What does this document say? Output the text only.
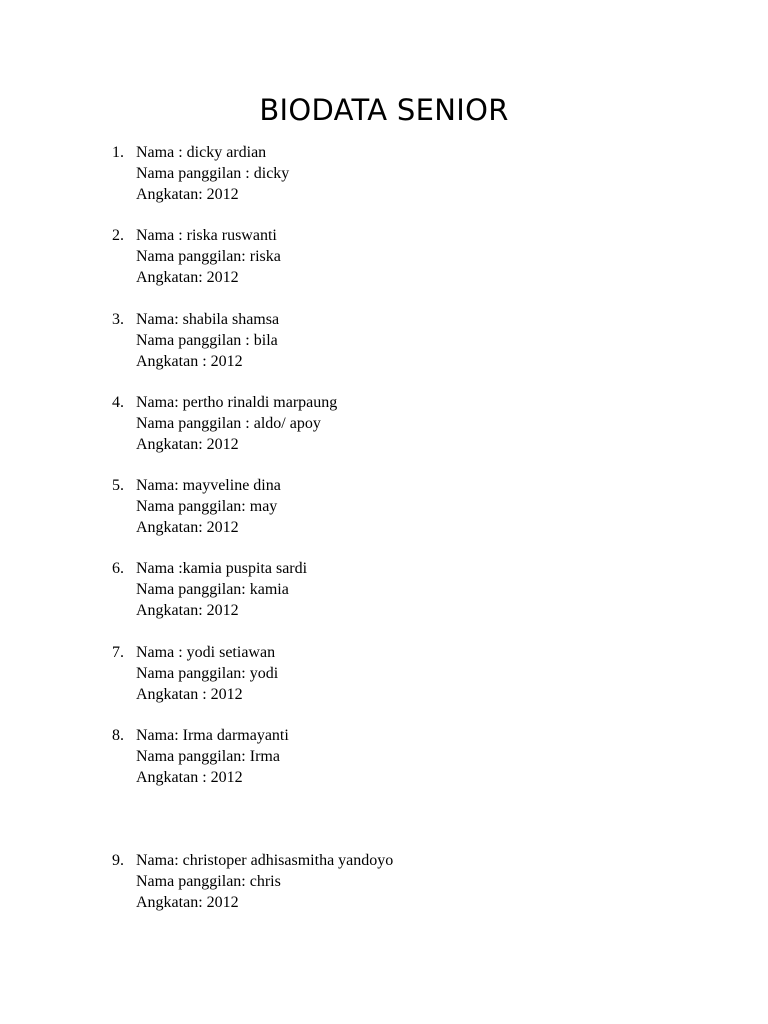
BIODATA SENIOR
1. Nama : dicky ardian
Nama panggilan : dicky
Angkatan: 2012
2. Nama : riska ruswanti
Nama panggilan: riska
Angkatan: 2012
3. Nama: shabila shamsa
Nama panggilan : bila
Angkatan : 2012
4. Nama: pertho rinaldi marpaung
Nama panggilan : aldo/ apoy
Angkatan: 2012
5. Nama: mayveline dina
Nama panggilan: may
Angkatan: 2012
6. Nama :kamia puspita sardi
Nama panggilan: kamia
Angkatan: 2012
7. Nama : yodi setiawan
Nama panggilan: yodi
Angkatan : 2012
8. Nama: Irma darmayanti
Nama panggilan: Irma
Angkatan : 2012
9. Nama: christoper adhisasmitha yandoyo
Nama panggilan: chris
Angkatan: 2012
